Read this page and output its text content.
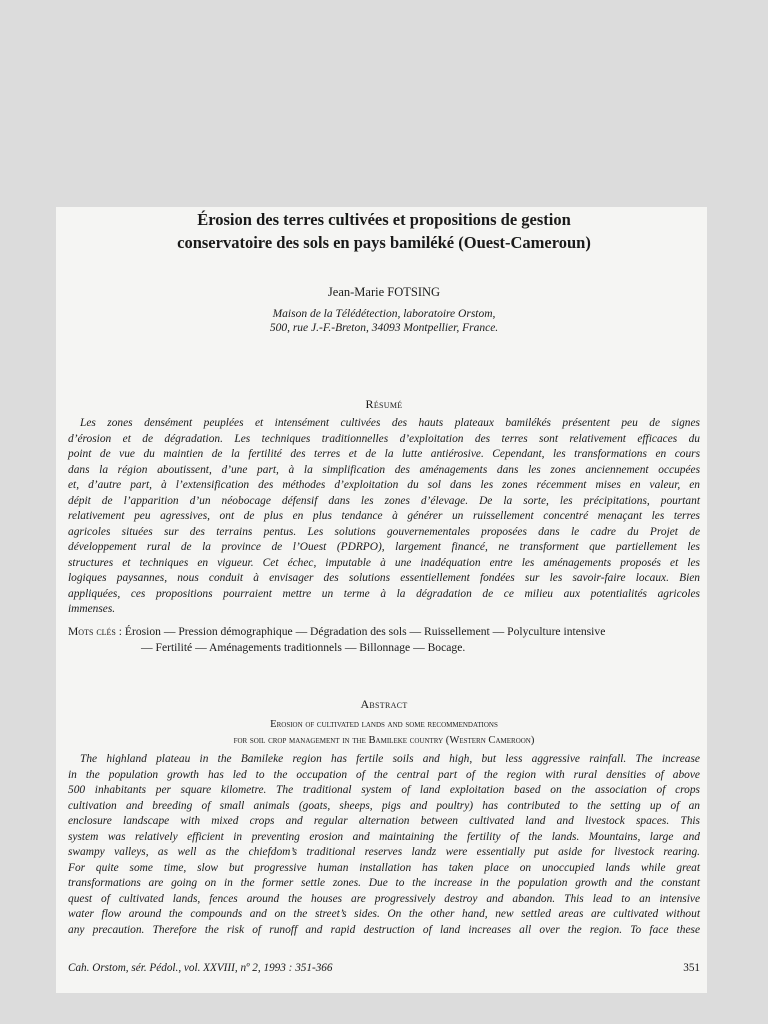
Érosion des terres cultivées et propositions de gestion
conservatoire des sols en pays bamiléké (Ouest-Cameroun)
Jean-Marie FOTSING
Maison de la Télédétection, laboratoire Orstom,
500, rue J.-F.-Breton, 34093 Montpellier, France.
Résumé
Les zones densément peuplées et intensément cultivées des hauts plateaux bamilékés présentent peu de signes
d’érosion et de dégradation. Les techniques traditionnelles d’exploitation des terres sont relativement efficaces du
point de vue du maintien de la fertilité des terres et de la lutte antiérosive. Cependant, les transformations en cours
dans la région aboutissent, d’une part, à la simplification des aménagements dans les zones anciennement occupées
et, d’autre part, à l’extensification des méthodes d’exploitation du sol dans les zones récemment mises en valeur, en
dépit de l’apparition d’un néobocage défensif dans les zones d’élevage. De la sorte, les précipitations, pourtant
relativement peu agressives, ont de plus en plus tendance à générer un ruissellement concentré menaçant les terres
agricoles situées sur des terrains pentus. Les solutions gouvernementales proposées dans le cadre du Projet de
développement rural de la province de l’Ouest (PDRPO), largement financé, ne transforment que partiellement les
structures et techniques en vigueur. Cet échec, imputable à une inadéquation entre les aménagements proposés et les
logiques paysannes, nous conduit à envisager des solutions essentiellement fondées sur les savoir-faire locaux. Bien
appliquées, ces propositions pourraient mettre un terme à la dégradation de ce milieu aux potentialités agricoles
immenses.
Mots clés : Érosion — Pression démographique — Dégradation des sols — Ruissellement — Polyculture intensive
— Fertilité — Aménagements traditionnels — Billonnage — Bocage.
Abstract
Erosion of cultivated lands and some recommendations
for soil crop management in the Bamileke country (Western Cameroon)
The highland plateau in the Bamileke region has fertile soils and high, but less aggressive rainfall. The increase
in the population growth has led to the occupation of the central part of the region with rural densities of above
500 inhabitants per square kilometre. The traditional system of land exploitation based on the association of crops
cultivation and breeding of small animals (goats, sheeps, pigs and poultry) has contributed to the setting up of an
enclosure landscape with mixed crops and regular alternation between cultivated land and livestock spaces. This
system was relatively efficient in preventing erosion and maintaining the fertility of the lands. Mountains, large and
swampy valleys, as well as the chiefdom’s traditional reserves landz were essentially put aside for livestock rearing.
For quite some time, slow but progressive human installation has taken place on unoccupied lands while great
transformations are going on in the former settle zones. Due to the increase in the population growth and the constant
quest of cultivated lands, fences around the houses are progressively destroy and abandon. This lead to an intensive
water flow around the compounds and on the street’s sides. On the other hand, new settled areas are cultivated without
any precaution. Therefore the risk of runoff and rapid destruction of land increases all over the region. To face these
Cah. Orstom, sér. Pédol., vol. XXVIII, nº 2, 1993 : 351-366	351
